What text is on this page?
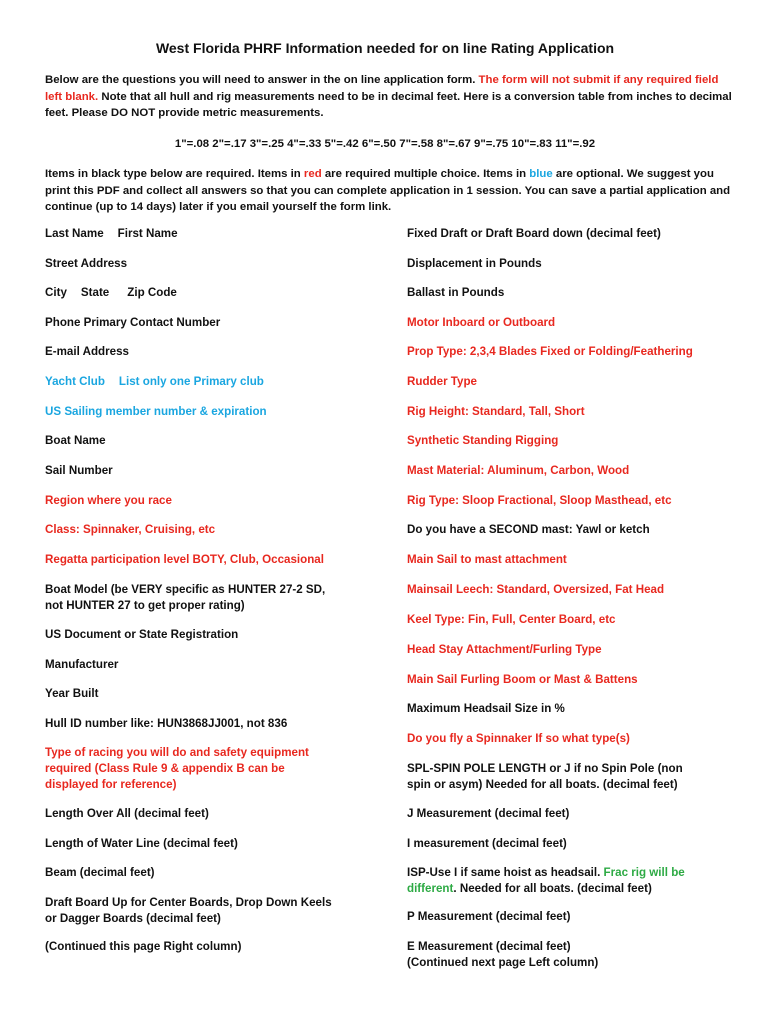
West Florida PHRF Information needed for on line Rating Application
Below are the questions you will need to answer in the on line application form. The form will not submit if any required field left blank. Note that all hull and rig measurements need to be in decimal feet. Here is a conversion table from inches to decimal feet. Please DO NOT provide metric measurements.
1"=.08 2"=.17 3"=.25 4"=.33 5"=.42 6"=.50 7"=.58 8"=.67 9"=.75 10"=.83 11"=.92
Items in black type below are required. Items in red are required multiple choice. Items in blue are optional. We suggest you print this PDF and collect all answers so that you can complete application in 1 session. You can save a partial application and continue (up to 14 days) later if you email yourself the form link.
Last Name First Name
Street Address
City State Zip Code
Phone Primary Contact Number
E-mail Address
Yacht Club List only one Primary club
US Sailing member number & expiration
Boat Name
Sail Number
Region where you race
Class: Spinnaker, Cruising, etc
Regatta participation level BOTY, Club, Occasional
Boat Model (be VERY specific as HUNTER 27-2 SD,
not HUNTER 27 to get proper rating)
US Document or State Registration
Manufacturer
Year Built
Hull ID number like: HUN3868JJ001, not 836
Type of racing you will do and safety equipment
required (Class Rule 9 & appendix B can be
displayed for reference)
Length Over All (decimal feet)
Length of Water Line (decimal feet)
Beam (decimal feet)
Draft Board Up for Center Boards, Drop Down Keels
or Dagger Boards (decimal feet)
(Continued this page Right column)
Fixed Draft or Draft Board down (decimal feet)
Displacement in Pounds
Ballast in Pounds
Motor Inboard or Outboard
Prop Type: 2,3,4 Blades Fixed or Folding/Feathering
Rudder Type
Rig Height: Standard, Tall, Short
Synthetic Standing Rigging
Mast Material: Aluminum, Carbon, Wood
Rig Type: Sloop Fractional, Sloop Masthead, etc
Do you have a SECOND mast: Yawl or ketch
Main Sail to mast attachment
Mainsail Leech: Standard, Oversized, Fat Head
Keel Type: Fin, Full, Center Board, etc
Head Stay Attachment/Furling Type
Main Sail Furling Boom or Mast & Battens
Maximum Headsail Size in %
Do you fly a Spinnaker If so what type(s)
SPL-SPIN POLE LENGTH or J if no Spin Pole (non
spin or asym) Needed for all boats. (decimal feet)
J Measurement (decimal feet)
I measurement (decimal feet)
ISP-Use I if same hoist as headsail. Frac rig will be
different. Needed for all boats. (decimal feet)
P Measurement (decimal feet)
E Measurement (decimal feet)
(Continued next page Left column)
